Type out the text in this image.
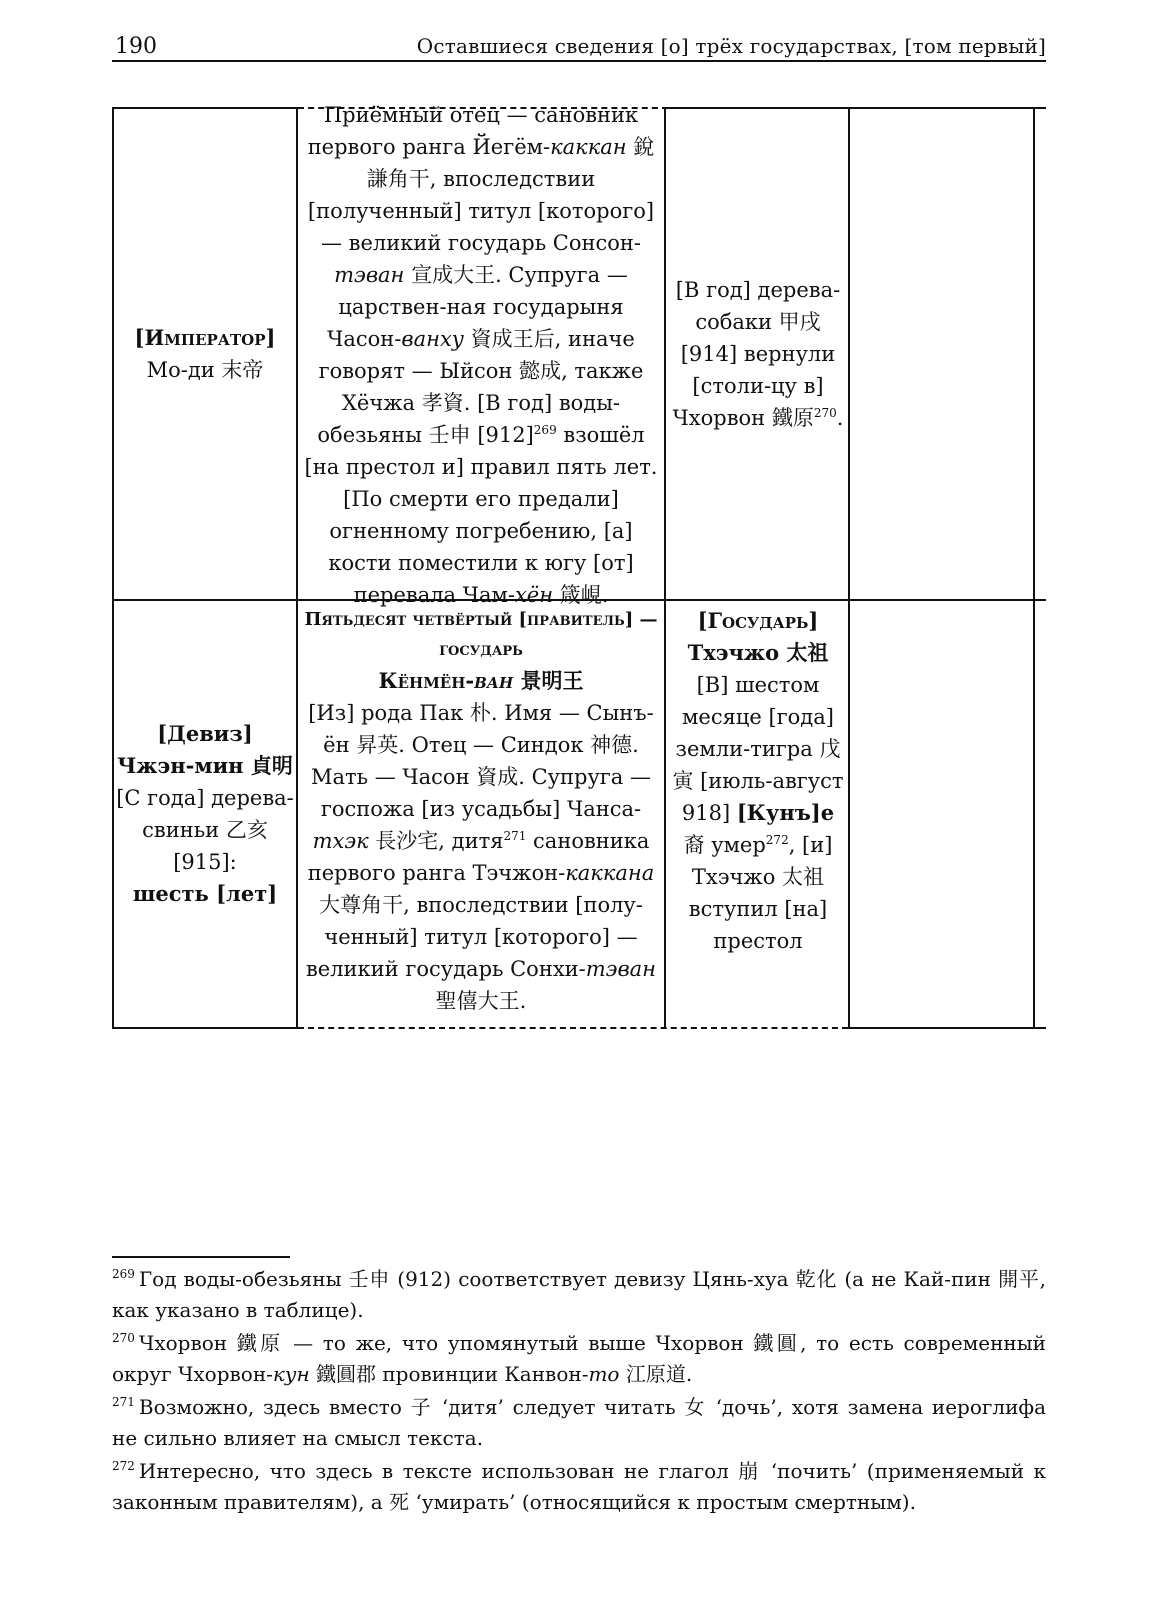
190	Оставшиеся сведения [о] трёх государствах, [том первый]
[Император]
Мо-ди 末帝
Приёмный отец — сановник первого ранга Йегём-каккан 銳謙角干, впоследствии [полученный] титул [которого] — великий государь Сонсон-тэван 宣成大王. Супруга — царствен-ная государыня Часон-ванху 資成王后, иначе говорят — Ыйсон 懿成, также Хёчжа 孝資. [В год] воды-обезьяны 壬申 $[912]^{269}$ взошёл [на престол и] правил пять лет. [По смерти его предали] огненному погребению, [а] кости поместили к югу [от] перевала Чам-хён 箴峴.
[В год] дерева-собаки 甲戌 [914] вернули [столи-цу в] Чхорвон 鐵原$^{270}$.
[Девиз]
Чжэн-мин 貞明
[С года] дерева-свиньи 乙亥 [915]:
шесть [лет]
Пятьдесят четвёртый [правитель] — государь
Кёнмён-ван 景明王
[Из] рода Пак 朴. Имя — Сынъ-ён 昇英. Отец — Синдок 神德. Мать — Часон 資成. Супруга — госпожа [из усадьбы] Чанса-тхэк 長沙宅, дитя$^{271}$ сановника первого ранга Тэчжон-каккана 大尊角干, впоследствии [полу-ченный] титул [которого] — великий государь Сонхи-тэван 聖僖大王.
[Государь]
Тхэчжо 太祖
[В] шестом месяце [года] земли-тигра 戊寅 [июль-август 918] [Кунъ]е 裔 умер$^{272}$, [и] Тхэчжо 太祖 вступил [на] престол

$^{269}$ Год воды-обезьяны 壬申 (912) соответствует девизу Цянь-хуа 乾化 (а не Кай-пин 開平, как указано в таблице).

$^{270}$ Чхорвон 鐵原 — то же, что упомянутый выше Чхорвон 鐵圓, то есть современный округ Чхорвон-кун 鐵圓郡 провинции Канвон-то 江原道.

$^{271}$ Возможно, здесь вместо 子 ‘дитя’ следует читать 女 ‘дочь’, хотя замена иероглифа не сильно влияет на смысл текста.

$^{272}$ Интересно, что здесь в тексте использован не глагол 崩 ‘почить’ (применяемый к законным правителям), а 死 ‘умирать’ (относящийся к простым смертным).
